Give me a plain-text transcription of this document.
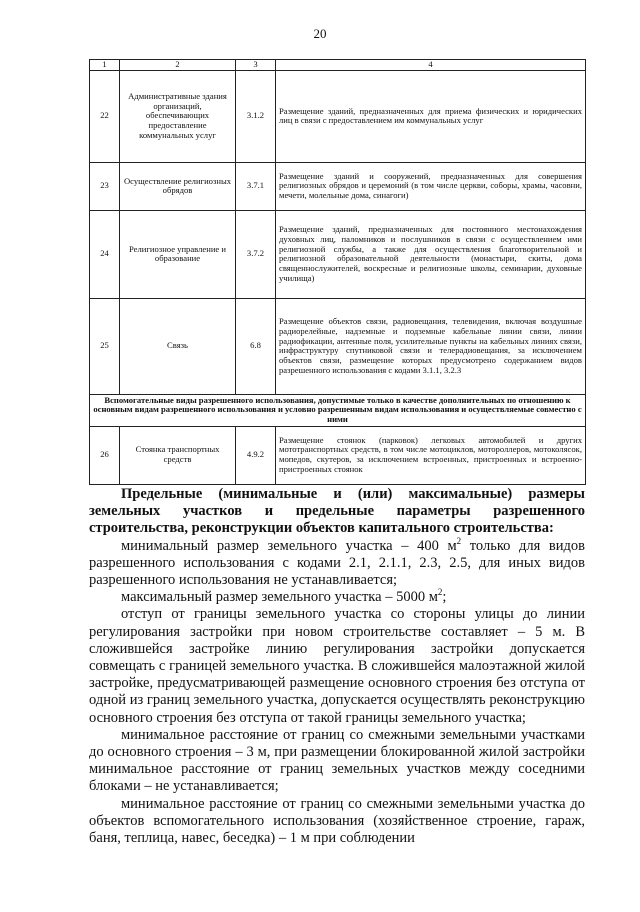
20
1	2	3	4
22	Административные здания организаций, обеспечивающих предоставление коммунальных услуг	3.1.2	Размещение зданий, предназначенных для приема физических и юридических лиц в связи с предоставлением им коммунальных услуг
23	Осуществление религиозных обрядов	3.7.1	Размещение зданий и сооружений, предназначенных для совершения религиозных обрядов и церемоний (в том числе церкви, соборы, храмы, часовни, мечети, молельные дома, синагоги)
24	Религиозное управление и образование	3.7.2	Размещение зданий, предназначенных для постоянного местонахождения духовных лиц, паломников и послушников в связи с осуществлением ими религиозной службы, а также для осуществления благотворительной и религиозной образовательной деятельности (монастыри, скиты, дома священнослужителей, воскресные и религиозные школы, семинарии, духовные училища)
25	Связь	6.8	Размещение объектов связи, радиовещания, телевидения, включая воздушные радиорелейные, надземные и подземные кабельные линии связи, линии радиофикации, антенные поля, усилительные пункты на кабельных линиях связи, инфраструктуру спутниковой связи и телерадиовещания, за исключением объектов связи, размещение которых предусмотрено содержанием видов разрешенного использования с кодами 3.1.1, 3.2.3
Вспомогательные виды разрешенного использования, допустимые только в качестве дополнительных по отношению к основным видам разрешенного использования и условно разрешенным видам использования и осуществляемые совместно с ними			
26	Стоянка транспортных средств	4.9.2	Размещение стоянок (парковок) легковых автомобилей и других мототранспортных средств, в том числе мотоциклов, мотороллеров, мотоколясок, мопедов, скутеров, за исключением встроенных, пристроенных и встроенно-пристроенных стоянок

Предельные (минимальные и (или) максимальные) размеры земельных участков и предельные параметры разрешенного строительства, реконструкции объектов капитального строительства:

минимальный размер земельного участка – 400 $м^2$ только для видов разрешенного использования с кодами 2.1, 2.1.1, 2.3, 2.5, для иных видов разрешенного использования не устанавливается;

максимальный размер земельного участка – 5000 $м^2$;

отступ от границы земельного участка со стороны улицы до линии регулирования застройки при новом строительстве составляет – 5 м. В сложившейся застройке линию регулирования застройки допускается совмещать с границей земельного участка. В сложившейся малоэтажной жилой застройке, предусматривающей размещение основного строения без отступа от одной из границ земельного участка, допускается осуществлять реконструкцию основного строения без отступа от такой границы земельного участка;

минимальное расстояние от границ со смежными земельными участками до основного строения – 3 м, при размещении блокированной жилой застройки минимальное расстояние от границ земельных участков между соседними блоками – не устанавливается;

минимальное расстояние от границ со смежными земельными участка до объектов вспомогательного использования (хозяйственное строение, гараж, баня, теплица, навес, беседка) – 1 м при соблюдении
